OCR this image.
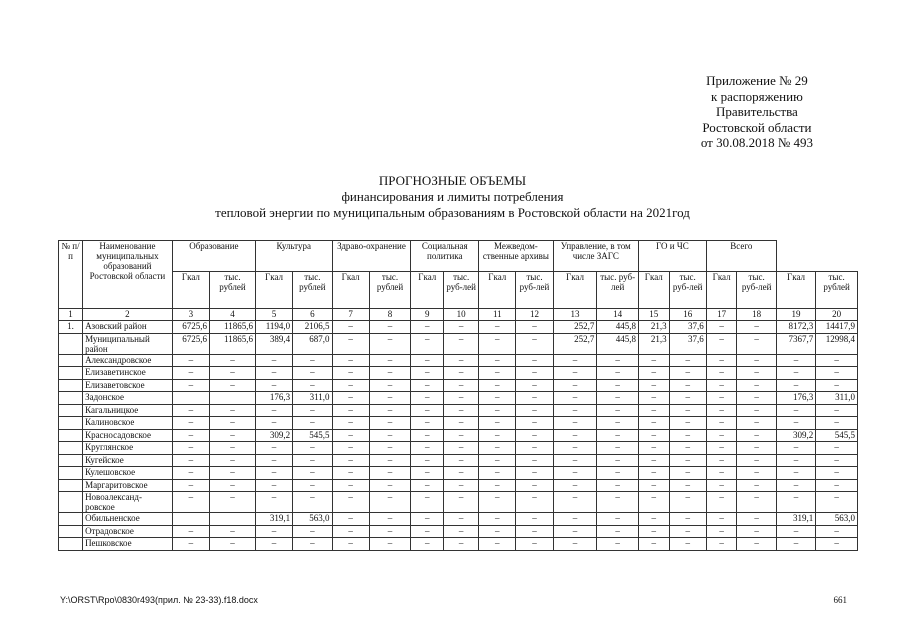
Приложение № 29
к распоряжению
Правительства
Ростовской области
от 30.08.2018 № 493
ПРОГНОЗНЫЕ ОБЪЕМЫ
финансирования и лимиты потребления
тепловой энергии по муниципальным образованиям в Ростовской области на 2021год
№ п/п	Наименование муниципальных образований Ростовской области	Образование		Культура		Здраво-охранение		Социальная политика		Межведом-ственные архивы		Управление, в том числе ЗАГС		ГО и ЧС		Всего			
		Гкал	тыс. рублей	Гкал	тыс. рублей	Гкал	тыс. рублей	Гкал	тыс. руб-лей	Гкал	тыс. руб-лей	Гкал	тыс. руб-лей	Гкал	тыс. руб-лей	Гкал	тыс. руб-лей	Гкал	тыс. рублей
1	2	3	4	5	6	7	8	9	10	11	12	13	14	15	16	17	18	19	20
1.	Азовский район	6725,6	11865,6	1194,0	2106,5	–	–	–	–	–	–	252,7	445,8	21,3	37,6	–	–	8172,3	14417,9
	Муниципальный район	6725,6	11865,6	389,4	687,0	–	–	–	–	–	–	252,7	445,8	21,3	37,6	–	–	7367,7	12998,4
	Александровское	–	–	–	–	–	–	–	–	–	–	–	–	–	–	–	–	–	–
	Елизаветинское	–	–	–	–	–	–	–	–	–	–	–	–	–	–	–	–	–	–
	Елизаветовское	–	–	–	–	–	–	–	–	–	–	–	–	–	–	–	–	–	–
	Задонское			176,3	311,0	–	–	–	–	–	–	–	–	–	–	–	–	176,3	311,0
	Кагальницкое	–	–	–	–	–	–	–	–	–	–	–	–	–	–	–	–	–	–
	Калиновское	–	–	–	–	–	–	–	–	–	–	–	–	–	–	–	–	–	–
	Красносадовское	–	–	309,2	545,5	–	–	–	–	–	–	–	–	–	–	–	–	309,2	545,5
	Круглянское	–	–	–	–	–	–	–	–	–	–	–	–	–	–	–	–	–	–
	Кугейское	–	–	–	–	–	–	–	–	–	–	–	–	–	–	–	–	–	–
	Кулешовское	–	–	–	–	–	–	–	–	–	–	–	–	–	–	–	–	–	–
	Маргаритовское	–	–	–	–	–	–	–	–	–	–	–	–	–	–	–	–	–	–
	Новоалександ-ровское	–	–	–	–	–	–	–	–	–	–	–	–	–	–	–	–	–	–
	Обильненское			319,1	563,0	–	–	–	–	–	–	–	–	–	–	–	–	319,1	563,0
	Отрадовское	–	–	–	–	–	–	–	–	–	–	–	–	–	–	–	–	–	–
	Пешковское	–	–	–	–	–	–	–	–	–	–	–	–	–	–	–	–	–	–
Y:\ORST\Rpo\0830r493(прил. № 23-33).f18.docx	661
